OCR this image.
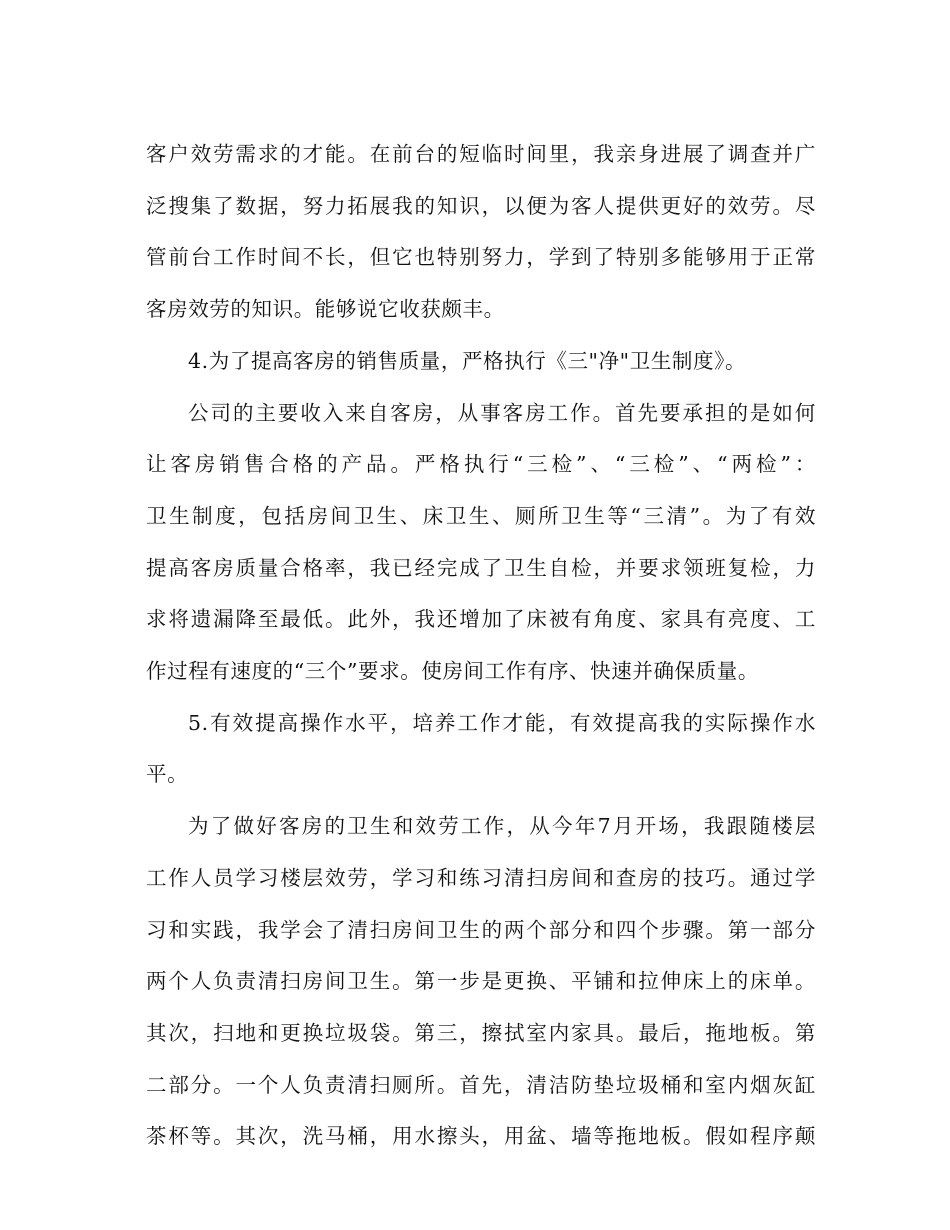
客户效劳需求的才能。在前台的短临时间里，我亲身进展了调查并广
泛搜集了数据，努力拓展我的知识，以便为客人提供更好的效劳。尽
管前台工作时间不长，但它也特别努力，学到了特别多能够用于正常
客房效劳的知识。能够说它收获颇丰。
4.为了提高客房的销售质量，严格执行《三"净"卫生制度》。
公司的主要收入来自客房，从事客房工作。首先要承担的是如何
让客房销售合格的产品。严格执行“三检”、“三检”、“两检”：
卫生制度，包括房间卫生、床卫生、厕所卫生等“三清”。为了有效
提高客房质量合格率，我已经完成了卫生自检，并要求领班复检，力
求将遗漏降至最低。此外，我还增加了床被有角度、家具有亮度、工
作过程有速度的“三个”要求。使房间工作有序、快速并确保质量。
5.有效提高操作水平，培养工作才能，有效提高我的实际操作水
平。
为了做好客房的卫生和效劳工作，从今年7月开场，我跟随楼层
工作人员学习楼层效劳，学习和练习清扫房间和查房的技巧。通过学
习和实践，我学会了清扫房间卫生的两个部分和四个步骤。第一部分
两个人负责清扫房间卫生。第一步是更换、平铺和拉伸床上的床单。
其次，扫地和更换垃圾袋。第三，擦拭室内家具。最后，拖地板。第
二部分。一个人负责清扫厕所。首先，清洁防垫垃圾桶和室内烟灰缸
茶杯等。其次，洗马桶，用水擦头，用盆、墙等拖地板。假如程序颠
